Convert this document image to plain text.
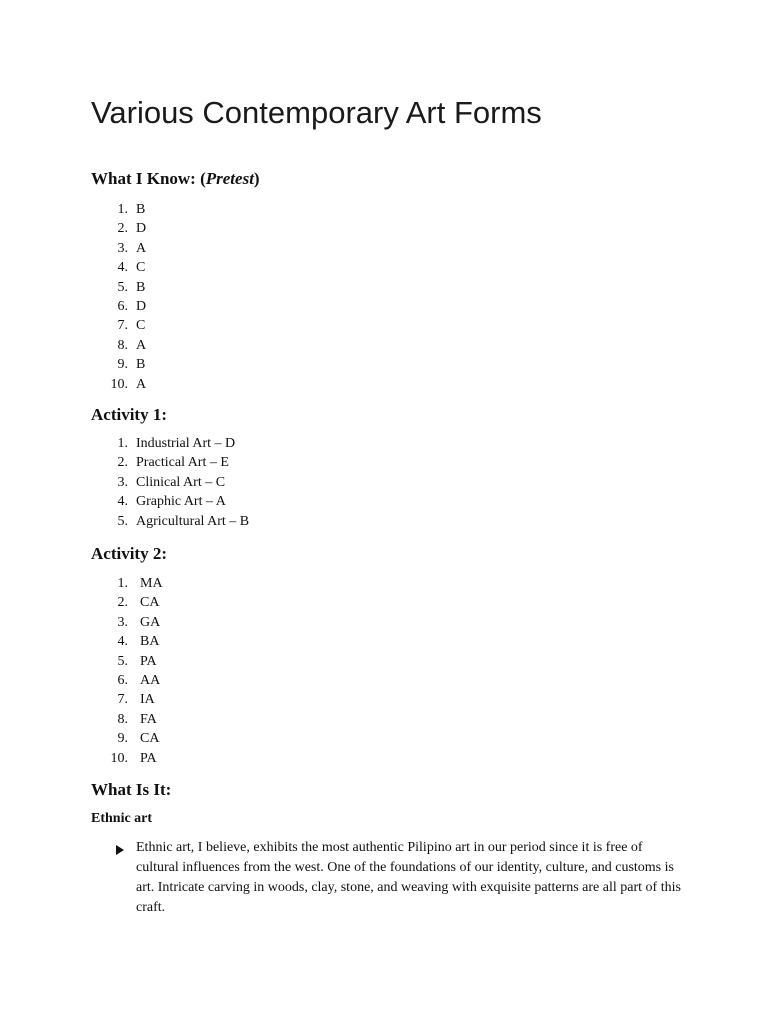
Various Contemporary Art Forms
What I Know: (Pretest)
1. B
2. D
3. A
4. C
5. B
6. D
7. C
8. A
9. B
10. A
Activity 1:
1. Industrial Art – D
2. Practical Art – E
3. Clinical Art – C
4. Graphic Art – A
5. Agricultural Art – B
Activity 2:
1. MA
2. CA
3. GA
4. BA
5. PA
6. AA
7. IA
8. FA
9. CA
10. PA
What Is It:
Ethnic art

Ethnic art, I believe, exhibits the most authentic Pilipino art in our period since it is free of cultural influences from the west. One of the foundations of our identity, culture, and customs is art. Intricate carving in woods, clay, stone, and weaving with exquisite patterns are all part of this craft.
